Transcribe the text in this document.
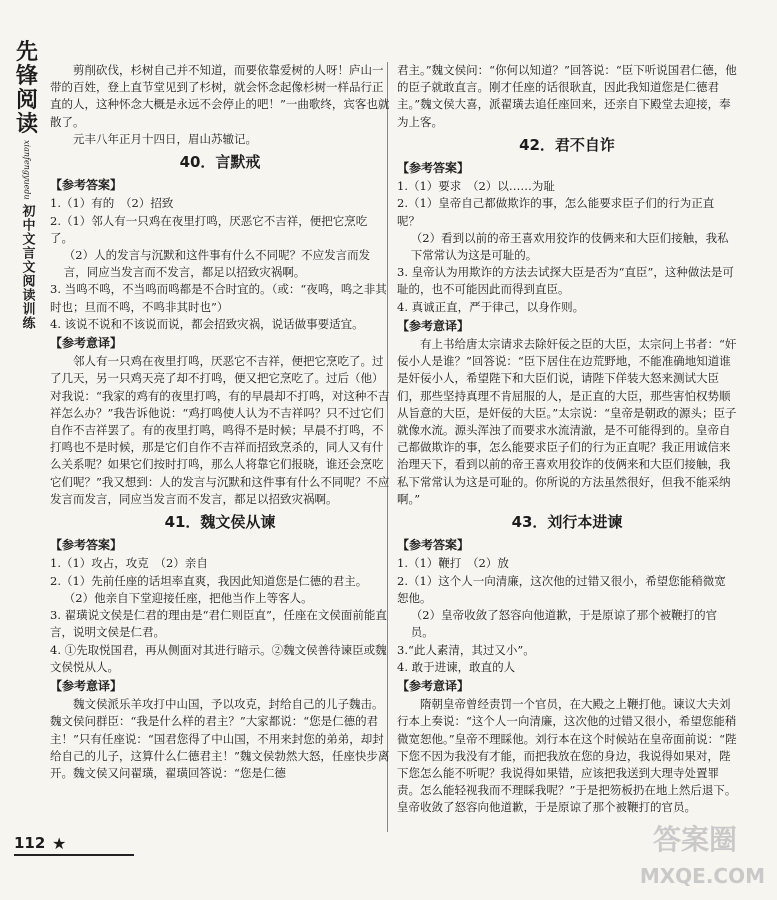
先锋阅读
xianfengyuedu
初中文言文阅读训练

剪削砍伐，杉树自己并不知道，而要依靠爱树的人呀！庐山一带的百姓，登上直节堂见到了杉树，就会怀念起像杉树一样品行正直的人，这种怀念大概是永远不会停止的吧！”一曲歌终，宾客也就散了。

元丰八年正月十四日，眉山苏辙记。

40．言默戒
【参考答案】

1.（1）有的　（2）招致

2.（1）邻人有一只鸡在夜里打鸣，厌恶它不吉祥，便把它烹吃了。

（2）人的发言与沉默和这件事有什么不同呢？不应发言而发言，同应当发言而不发言，都足以招致灾祸啊。

3. 当鸣不鸣，不当鸣而鸣都是不合时宜的。（或：“夜鸣，鸣之非其时也；旦而不鸣，不鸣非其时也”）

4. 该说不说和不该说而说，都会招致灾祸，说话做事要适宜。

【参考意译】

邻人有一只鸡在夜里打鸣，厌恶它不吉祥，便把它烹吃了。过了几天，另一只鸡天亮了却不打鸣，便又把它烹吃了。过后（他）对我说：“我家的鸡有的夜里打鸣，有的早晨却不打鸣，对这种不吉祥怎么办？”我告诉他说：“鸡打鸣使人认为不吉祥吗？只不过它们自作不吉祥罢了。有的夜里打鸣，鸣得不是时候；早晨不打鸣，不打鸣也不是时候，那是它们自作不吉祥而招致烹杀的，同人又有什么关系呢？如果它们按时打鸣，那么人将靠它们报晓，谁还会烹吃它们呢？”我又想到：人的发言与沉默和这件事有什么不同呢？不应发言而发言，同应当发言而不发言，都足以招致灾祸啊。

41．魏文侯从谏
【参考答案】

1.（1）攻占，攻克　（2）亲自

2.（1）先前任座的话坦率直爽，我因此知道您是仁德的君主。

（2）他亲自下堂迎接任座，把他当作上等客人。

3. 翟璜说文侯是仁君的理由是“君仁则臣直”，任座在文侯面前能直言，说明文侯是仁君。

4. ①先取悦国君，再从侧面对其进行暗示。②魏文侯善待谏臣或魏文侯悦从人。

【参考意译】

魏文侯派乐羊攻打中山国，予以攻克，封给自己的儿子魏击。魏文侯问群臣：“我是什么样的君主？”大家都说：“您是仁德的君主！”只有任座说：“国君您得了中山国，不用来封您的弟弟，却封给自己的儿子，这算什么仁德君主！”魏文侯勃然大怒，任座快步离开。魏文侯又问翟璜，翟璜回答说：“您是仁德

君主。”魏文侯问：“你何以知道？”回答说：“臣下听说国君仁德，他的臣子就敢直言。刚才任座的话很耿直，因此我知道您是仁德君主。”魏文侯大喜，派翟璜去追任座回来，还亲自下殿堂去迎接，奉为上客。

42．君不自诈
【参考答案】

1.（1）要求　（2）以……为耻

2.（1）皇帝自己都做欺诈的事，怎么能要求臣子们的行为正直呢？

（2）看到以前的帝王喜欢用狡诈的伎俩来和大臣们接触，我私下常常认为这是可耻的。

3. 皇帝认为用欺诈的方法去试探大臣是否为“直臣”，这种做法是可耻的，也不可能因此而得到直臣。

4. 真诚正直，严于律己，以身作则。

【参考意译】

有上书给唐太宗请求去除奸佞之臣的大臣，太宗问上书者：“奸佞小人是谁？”回答说：“臣下居住在边荒野地，不能准确地知道谁是奸佞小人，希望陛下和大臣们说，请陛下佯装大怒来测试大臣们，那些坚持真理不肯屈服的人，是正直的大臣，那些害怕权势顺从旨意的大臣，是奸佞的大臣。”太宗说：“皇帝是朝政的源头；臣子就像水流。源头浑浊了而要求水流清澈，是不可能得到的。皇帝自己都做欺诈的事，怎么能要求臣子们的行为正直呢？我正用诚信来治理天下，看到以前的帝王喜欢用狡诈的伎俩来和大臣们接触，我私下常常认为这是可耻的。你所说的方法虽然很好，但我不能采纳啊。”

43．刘行本进谏
【参考答案】

1.（1）鞭打　（2）放

2.（1）这个人一向清廉，这次他的过错又很小，希望您能稍微宽恕他。

（2）皇帝收敛了怒容向他道歉，于是原谅了那个被鞭打的官员。

3.“此人素清，其过又小”。

4. 敢于进谏，敢直的人

【参考意译】

隋朝皇帝曾经责罚一个官员，在大殿之上鞭打他。谏议大夫刘行本上奏说：“这个人一向清廉，这次他的过错又很小，希望您能稍微宽恕他。”皇帝不理睬他。刘行本在这个时候站在皇帝面前说：“陛下您不因为我没有才能，而把我放在您的身边，我说得如果对，陛下您怎么能不听呢？我说得如果错，应该把我送到大理寺处置罪责。怎么能轻视我而不理睬我呢？”于是把笏板扔在地上然后退下。皇帝收敛了怒容向他道歉，于是原谅了那个被鞭打的官员。

112 ★	答案圈
MXQE.COM
